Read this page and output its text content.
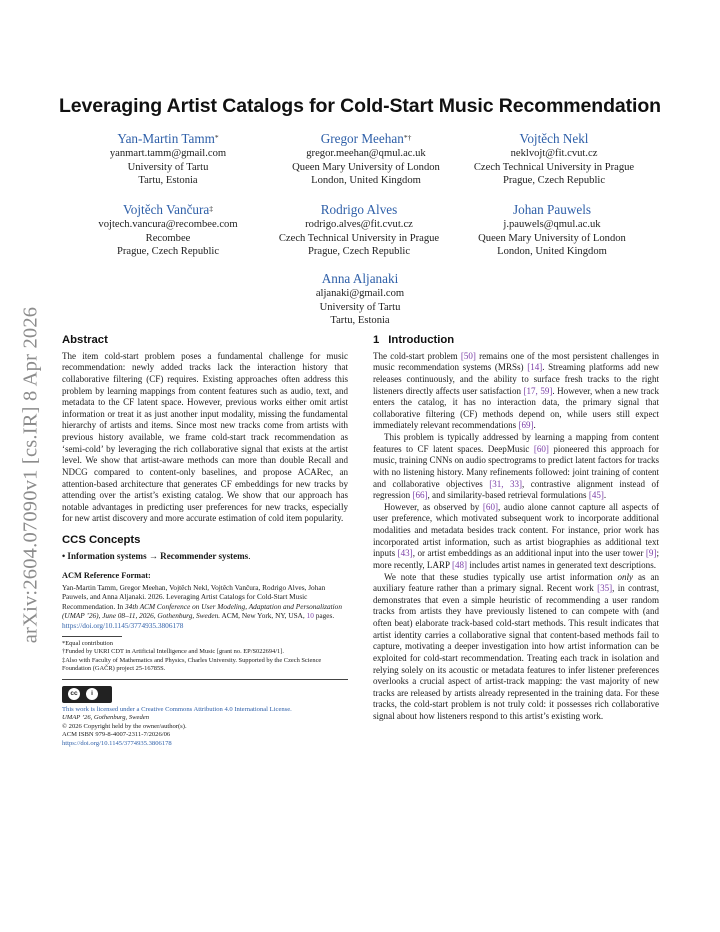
arXiv:2604.07090v1 [cs.IR] 8 Apr 2026
Leveraging Artist Catalogs for Cold-Start Music Recommendation
Yan-Martin Tamm*
yanmart.tamm@gmail.com
University of Tartu
Tartu, Estonia
Gregor Meehan*†
gregor.meehan@qmul.ac.uk
Queen Mary University of London
London, United Kingdom
Vojtěch Nekl
neklvojt@fit.cvut.cz
Czech Technical University in Prague
Prague, Czech Republic
Vojtěch Vančura‡
vojtech.vancura@recombee.com
Recombee
Prague, Czech Republic
Rodrigo Alves
rodrigo.alves@fit.cvut.cz
Czech Technical University in Prague
Prague, Czech Republic
Johan Pauwels
j.pauwels@qmul.ac.uk
Queen Mary University of London
London, United Kingdom
Anna Aljanaki
aljanaki@gmail.com
University of Tartu
Tartu, Estonia
Abstract

The item cold-start problem poses a fundamental challenge for music recommendation: newly added tracks lack the interaction history that collaborative filtering (CF) requires. Existing approaches often address this problem by learning mappings from content features such as audio, text, and metadata to the CF latent space. However, previous works either omit artist information or treat it as just another input modality, missing the fundamental hierarchy of artists and items. Since most new tracks come from artists with previous history available, we frame cold-start track recommendation as ‘semi-cold’ by leveraging the rich collaborative signal that exists at the artist level. We show that artist-aware methods can more than double Recall and NDCG compared to content-only baselines, and propose ACARec, an attention-based architecture that generates CF embeddings for new tracks by attending over the artist’s existing catalog. We show that our approach has notable advantages in predicting user preferences for new tracks, especially for new artist discovery and more accurate estimation of cold item popularity.

CCS Concepts
• Information systems → Recommender systems.
ACM Reference Format:
Yan-Martin Tamm, Gregor Meehan, Vojtěch Nekl, Vojtěch Vančura, Rodrigo Alves, Johan Pauwels, and Anna Aljanaki. 2026. Leveraging Artist Catalogs for Cold-Start Music Recommendation. In 34th ACM Conference on User Modeling, Adaptation and Personalization (UMAP ’26), June 08–11, 2026, Gothenburg, Sweden. ACM, New York, NY, USA, 10 pages. https://doi.org/10.1145/3774935.3806178
*Equal contribution
†Funded by UKRI CDT in Artificial Intelligence and Music [grant no. EP/S022694/1].
‡Also with Faculty of Mathematics and Physics, Charles University. Supported by the Czech Science Foundation (GAČR) project 25-16785S.
cc	i
This work is licensed under a Creative Commons Attribution 4.0 International License.
UMAP ’26, Gothenburg, Sweden
© 2026 Copyright held by the owner/author(s).
ACM ISBN 979-8-4007-2311-7/2026/06
https://doi.org/10.1145/3774935.3806178
1 Introduction

The cold-start problem [50] remains one of the most persistent challenges in music recommendation systems (MRSs) [14]. Streaming platforms add new releases continuously, and the ability to surface fresh tracks to the right listeners directly affects user satisfaction [17, 59]. However, when a new track enters the catalog, it has no interaction data, the primary signal that collaborative filtering (CF) methods depend on, while users still expect immediately relevant recommendations [69].

This problem is typically addressed by learning a mapping from content features to CF latent spaces. DeepMusic [60] pioneered this approach for music, training CNNs on audio spectrograms to predict latent factors for tracks with no listening history. Many refinements followed: joint training of content and collaborative objectives [31, 33], contrastive alignment instead of regression [66], and similarity-based retrieval formulations [45].

However, as observed by [60], audio alone cannot capture all aspects of user preference, which motivated subsequent work to incorporate additional modalities and metadata besides track content. For instance, prior work has incorporated artist information, such as artist biographies as additional text inputs [43], or artist embeddings as an additional input into the user tower [9]; more recently, LARP [48] includes artist names in generated text descriptions.

We note that these studies typically use artist information only as an auxiliary feature rather than a primary signal. Recent work [35], in contrast, demonstrates that even a simple heuristic of recommending a user random tracks from artists they have previously listened to can compete with (and often beat) elaborate track-based cold-start methods. This result indicates that artist identity carries a collaborative signal that content-based methods fail to capture, motivating a deeper investigation into how artist information can be exploited for cold-start recommendation. Treating each track in isolation and relying solely on its acoustic or metadata features to infer listener preferences overlooks a crucial aspect of artist-track mapping: the vast majority of new tracks are released by artists already represented in the training data. For these tracks, the cold-start problem is not truly cold: it possesses rich collaborative signal about how listeners respond to this artist’s existing work.
